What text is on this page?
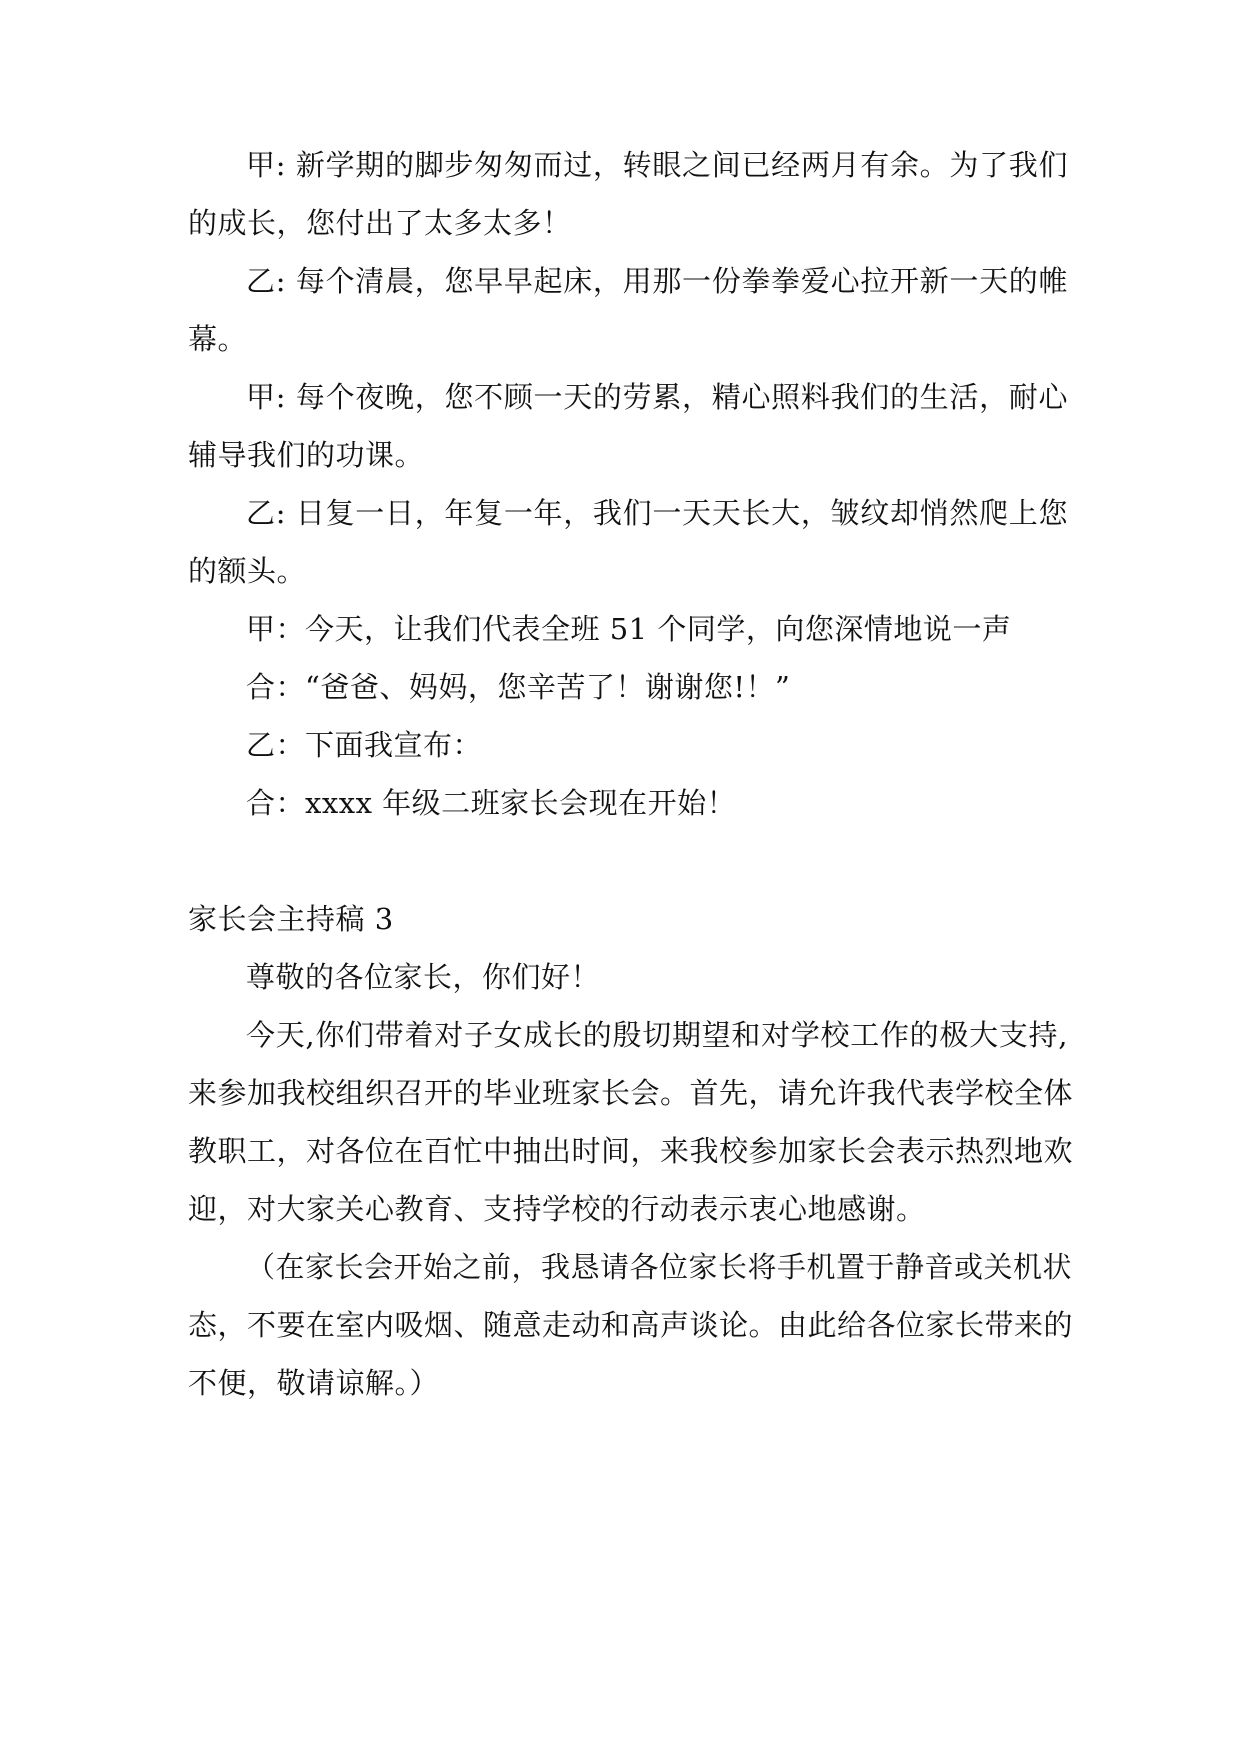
甲: 新学期的脚步匆匆而过，转眼之间已经两月有余。为了我们
的成长，您付出了太多太多！
乙: 每个清晨，您早早起床，用那一份拳拳爱心拉开新一天的帷
幕。
甲: 每个夜晚，您不顾一天的劳累，精心照料我们的生活，耐心
辅导我们的功课。
乙: 日复一日，年复一年，我们一天天长大，皱纹却悄然爬上您
的额头。
甲：今天，让我们代表全班 51 个同学，向您深情地说一声
合：“爸爸、妈妈，您辛苦了！谢谢您!！”
乙：下面我宣布：
合：xxxx 年级二班家长会现在开始！
家长会主持稿 3
尊敬的各位家长，你们好！
今天,你们带着对子女成长的殷切期望和对学校工作的极大支持,
来参加我校组织召开的毕业班家长会。首先，请允许我代表学校全体
教职工，对各位在百忙中抽出时间，来我校参加家长会表示热烈地欢
迎，对大家关心教育、支持学校的行动表示衷心地感谢。
（在家长会开始之前，我恳请各位家长将手机置于静音或关机状
态，不要在室内吸烟、随意走动和高声谈论。由此给各位家长带来的
不便，敬请谅解。）
